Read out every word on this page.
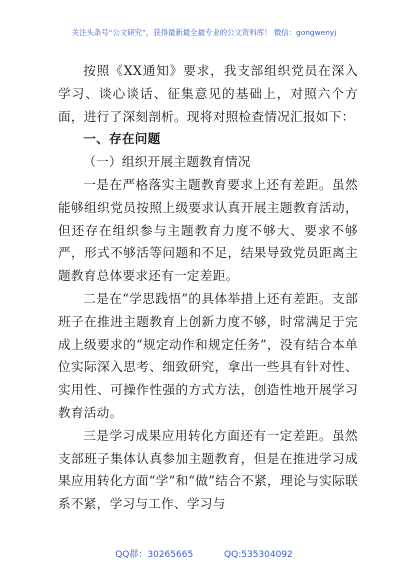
关注头条号“公文研究”，获得最新最全最专业的公文资料库！ 微信：gongwenyj

按照《XX通知》要求，我支部组织党员在深入学习、谈心谈话、征集意见的基础上，对照六个方面，进行了深刻剖析。现将对照检查情况汇报如下：

一、存在问题

（一）组织开展主题教育情况

一是在严格落实主题教育要求上还有差距。虽然能够组织党员按照上级要求认真开展主题教育活动，但还存在组织参与主题教育力度不够大、要求不够严，形式不够活等问题和不足，结果导致党员距离主题教育总体要求还有一定差距。

二是在“学思践悟”的具体举措上还有差距。支部班子在推进主题教育上创新力度不够，时常满足于完成上级要求的“规定动作和规定任务”，没有结合本单位实际深入思考、细致研究，拿出一些具有针对性、实用性、可操作性强的方式方法，创造性地开展学习教育活动。

三是学习成果应用转化方面还有一定差距。虽然支部班子集体认真参加主题教育，但是在推进学习成果应用转化方面“学”和“做”结合不紧，理论与实际联系不紧，学习与工作、学习与

QQ群：30265665	QQ:535304092
